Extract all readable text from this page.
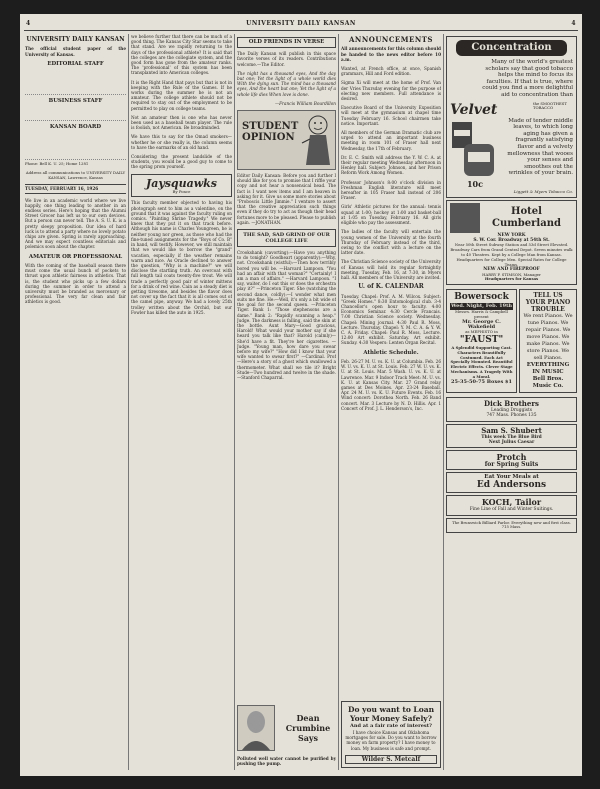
4	UNIVERSITY DAILY KANSAN	4
UNIVERSITY DAILY KANSAN

The official student paper of the University of Kansas.

EDITORIAL STAFF
BUSINESS STAFF
KANSAN BOARD

Phone: Bell K. U. 25; Home 1281

Address all communications to UNIVERSITY DAILY KANSAN, Lawrence, Kansas

TUESDAY, FEBRUARY 16, 1926

We live in an academic world where we live happily, one thing leading to another in an endless series. Here's hoping that the Alumni Street Grocer has left us to our own devices. But a person can never tell. The A. S. U. K. is a pretty sleepy proposition. Our idea of hard luck is to attend a party where no lovely potato chips are given. Spring is rarely approaching. And we may expect countless editorials and polemics soon about the chapter.

AMATEUR OR PROFESSIONAL

With the coming of the baseball season there must come the usual bunch of pockets to thrust upon athletic fairness in athletics. That is, the student who picks up a few dollars during the summer in order to attend a university must be branded as mercenary or professional. The very far clean and fair athletics is good.

we believe further that there can be much of a good thing. The Kansas City Star seems to take that stand. Are we rapidly returning to the days of the professional athlete? It is said that the colleges are the collegiate system, and the good form has gone from the amateur ranks. The 'professional' of this system has been transplanted into American colleges.

It is the Right Hand that pays but that is not in keeping with the Rule of the Games. If he works during the summer he is not an amateur. The college athlete should not be required to stay out of the employment to be permitted to play on college teams.

Not an amateur then is one who has never been used as a baseball team player. The rule is foolish, not American. Be broadminded.

We have this to say for the Omad smokers—whether he or she really is, the column seems to have the earmarks of an old hand.

Considering the present landslide of the students, you would be a good guy to come to the spring prom yourself.

Jaysquawks
By Ponce

This faculty member objected to having his photograph sent to him as a valentine, on the ground that it was against the faculty ruling on comics. "Painting Shrine Tragedy." We never knew that they put it on that track before. Although his name is Charles Youngreen, he is neither young nor green, as those who had the fine-tuned assignments for the "Boys of Co. B" in hand, will testify. However, we still maintain that we would like to borrow the "grand" vacation, especially if the weather remains warm and nice. As Oracle declined to answer the question, "Why is a machine?" we will disclose the startling truth. An overcoat with full length tail coats twenty-five trout. We will trade a perfectly good pair of winter mittens for a drink of red wine. Cain as a steady diet is getting tiresome, and besides the flavor does not cover up the fact that it is all comes out of the camel pipe, anyway. We had a lovely 25th trolley written about the Orchid, but our Fowler has killed the auto in 1925.

OLD FRIENDS IN VERSE

The Daily Kansan will publish in this space favorite verses of its readers. Contributions welcome.—The Editor.

The night has a thousand eyes, And the day but one; Yet the light of a whole world dies With the dying sun. The mind has a thousand eyes, And the heart but one; Yet the light of a whole life dies When love is done.

—Francis William Bourdillon

STUDENT OPINION

Editor Daily Kansan: Before you and further I should like for you to promise that I riffle your copy and not hear a nonsensical head. The fact is I want new items and I am heaven in asking for it. Give us some more stories about "Proboscis Little Jimmie." I venture to assert that the creative appreciation such things even if they do try to act as though their head fortunes more to be pleased. Please to publish again. —JONATHAN.

THE SAD, SAD GRIND OF OUR COLLEGE LIFE

Crookshank (cavorting):—Have you anything to do tonight? Goodheart (apparently):—Why, not. Crookshank (wistful):—Then how terribly bored you will be. —Harvard Lampoon. "You had an affair with that woman?" "Certainly! I am a man of affairs." —Harvard Lampoon. "I say, waiter, do I eat this or does the orchestra play it?" —Princeton Tiger. She (watching the second dance, coldly):—I wonder what men suits me fine. He:—Well, it's only a bit wide of the goal for the second queen. —Princeton Tiger. Bank 1: "Those stephensons are a dame." Bank 2: "Rapidly scanning a heap." Judge. The darkness is falling, said the skin at the bottle. Aunt Mary—Good gracious, Harold! What would your mother say if she heard you talk like that? Harold (calmly)—She'd have a fit. They're her cigarettes. —Judge. "Young man, how dare you swear before my wife?" "How did I know that your wife wanted to swear first?" —Cardinal. Prof—Here's a story of a ghost which swallowed a thermometer. What shall we tile it? Bright Stude—Two hundred and twelve in the shade. —Stanford Chaparral.

Dean Crumbine Says

Polluted well water cannot be purified by pushing the pump.

ANNOUNCEMENTS

All announcements for this column should be handed to the news editor before 10 a.m.

Wanted, at French office, at once, Spanish grammars, Hill and Ford edition.

Sigma Xi will meet at the home of Prof. Van der Vries Thursday evening for the purpose of electing new members. Full attendance is desired.

Executive Board of the University Exposition will meet at the gymnasium at chapel time Tuesday February 16. School chairmen take notice. Important.

All members of the German Dramatic club are urged to attend an important business meeting in room 101 of Fraser hall next Wednesday, the 17th of February.

Dr. E. C. Smith will address the Y. W. C. A. at their regular meeting Wednesday afternoon in Henley hall. Subject: Johnson, and her Prison Reform Work Among Women.

Professor Johnson's 8:00 o'clock division in Freshman English literature will meet hereafter in 105 Fraser hall instead of 206 Fraser.

Girls' Athletic pictures for the annual: tennis squad at 1:00; hockey at 1:00 and basket-ball at 1:05 on Tuesday, February 16. All girls eligible who pay the assessment.

The ladies of the faculty will entertain the young women of the University at the fourth Thursday of February instead of the third, owing to the conflict with a lecture on the latter date.

The Christian Science society of the University of Kansas will hold its regular fortnightly meeting, Tuesday, Feb. 16, at 7:30, in Myers hall. All members of the University are invited.

U. of K. CALENDAR

Tuesday. Chapel: Prof. A. M. Wilcox. Subject: "Greek Homes." 8:30 Entomological club. 3-4 Chancellor's open hour to faculty. 4:00 Economics Seminar. 4:30 Cercle Francais. 7:00 Christian Science society. Wednesday. Chapel: Mining journal. 4:30 Paul R. Moss, Lecture. Thursday. Chapel: Y. M. C. A. & Y. W. C. A. Friday. Chapel: Paul R. Moss, Lecture. 12:00 Art exhibit. Saturday. Art exhibit. Sunday. 4:30 Vespers: Lenten Organ Recital.

Athletic Schedule.

Feb. 26-27 M. U. vs. K. U. at Columbia. Feb. 26 W. U. vs. K. U. at St. Louis. Feb. 27 W. U. vs. K. U. at St. Louis. Mar. 5 Wash. U. vs. K. U. at Lawrence. Mar. 9 Indoor Track Meet: M. U. vs. K. U. at Kansas City. Mar. 27 Grand relay games at Des Moines. Apr. 23-24 Baseball. Apr. 24 M. U. vs. K. U. Future Events. Feb. 16 Wind concert: Dorothea North. Feb. 26 Band concert. Mar. 3 Lecture by N. D. Hillis. Apr. 1 Concert of Prof. J. L. Henderson's, Inc.

Do you want to Loan Your Money Safely?
And at a fair rate of interest?

I have choice Kansas and Oklahoma mortgages for sale. Do you want to borrow money on farm property? I have money to loan. My business is safe and prompt.

Wilder S. Metcalf
Concentration
Many of the world's greatest scholars say that good tobacco helps the mind to focus its faculties. If that is true, where could you find a more delightful aid to concentration than
Velvet	the SMOOTHEST TOBACCO
10c
Made of tender middle leaves, to which long aging has given a fragrantly satisfying flavor and a velvety mellowness that wooes your senses and smoothes out the wrinkles of your brain.
Liggett & Myers Tobacco Co.
Hotel Cumberland
NEW YORK
S. W. Cor. Broadway at 54th St.
Near 50th Street Subway Station and 53d Street Elevated. Broadway Cars from Grand Central Depot. Seven minutes walk to 40 Theatres. Kept by a College Man from Kansas. Headquarters for College Men. Special Rates for College Teams.
NEW AND FIREPROOF
HARRY P. STIMSON, Manager
Headquarters for Kansas
Bowersock
Wed. Night, Feb. 19th
Messrs. Harris & Campbell present
Mr. George C. Wakefield
as MEPHISTO in
"FAUST"
A Splendid Supporting Cast. Characters Beautifully Costumed. Each Act Specially Mounted. Beautiful Electric Effects. Clever Stage Mechanisms. A Tragedy With a Moral.
25-35-50-75 Boxes $1
TELL US YOUR PIANO TROUBLE
We rent Pianos. We tune Pianos. We repair Pianos. We move Pianos. We make Pianos. We store Pianos. We sell Pianos.
EVERYTHING IN MUSIC
Bell Bros. Music Co.
Dick Brothers
Leading Druggists
747 Mass. Phones 135
Sam S. Shubert
This week The Blue Bird
Next Julius Caesar
Protch
for Spring Suits
Eat Your Meals at
Ed Andersons
KOCH, Tailor
Fine Line of Fall and Winter Suitings.
The Brunswick Billiard Parlor. Everything new and first class. 715 Mass.
